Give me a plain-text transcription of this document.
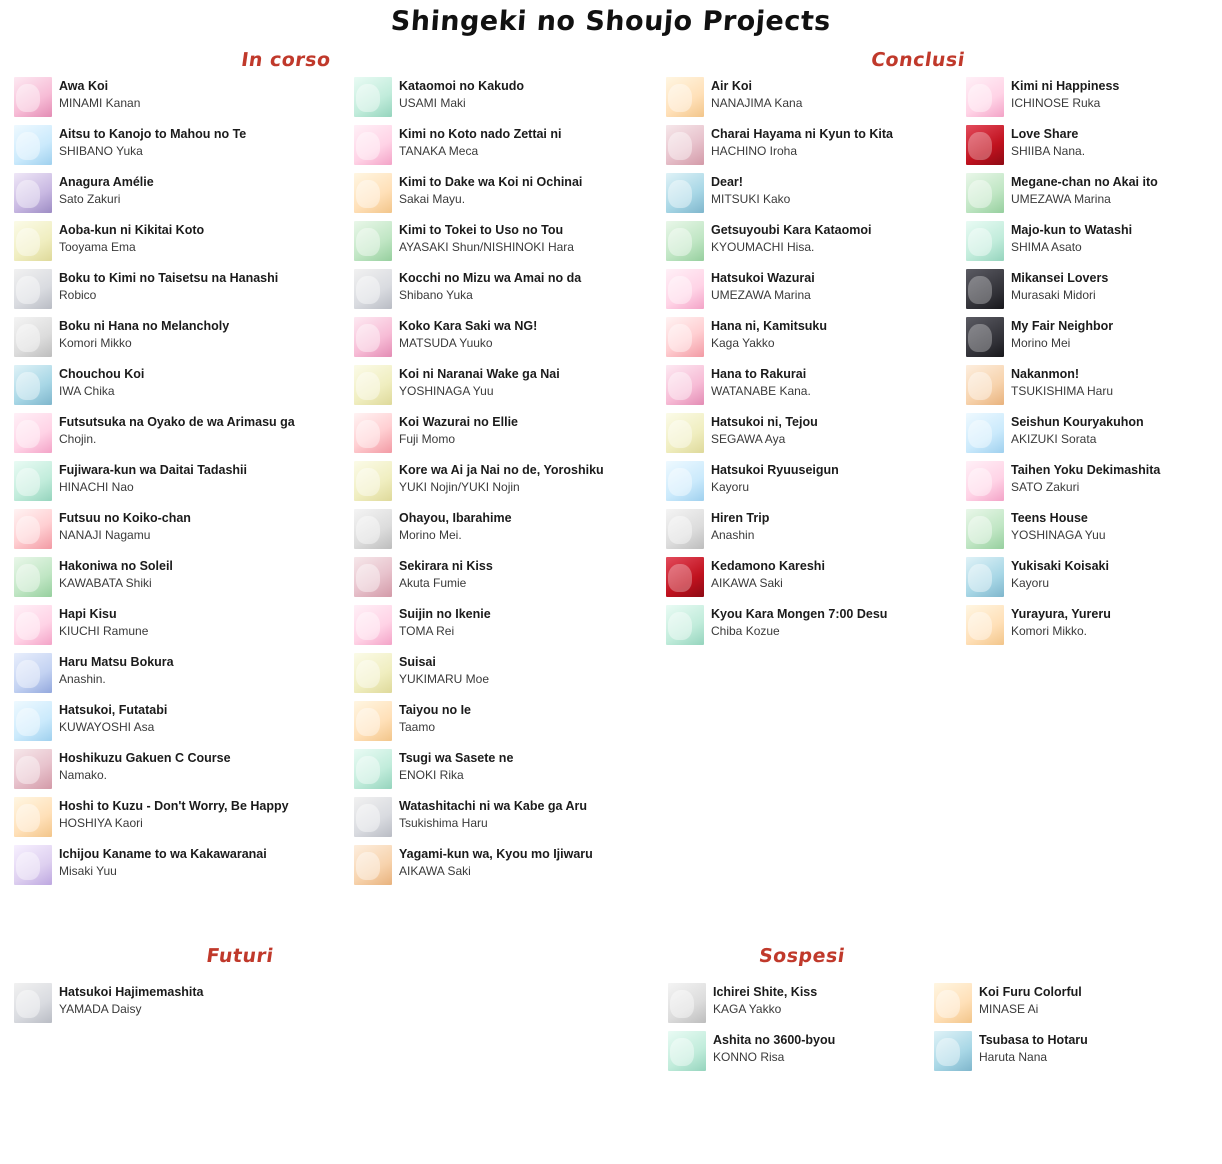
Shingeki no Shoujo Projects
In corso	Conclusi
Awa Koi
MINAMI Kanan
Aitsu to Kanojo to Mahou no Te
SHIBANO Yuka
Anagura Amélie
Sato Zakuri
Aoba-kun ni Kikitai Koto
Tooyama Ema
Boku to Kimi no Taisetsu na Hanashi
Robico
Boku ni Hana no Melancholy
Komori Mikko
Chouchou Koi
IWA Chika
Futsutsuka na Oyako de wa Arimasu ga
Chojin.
Fujiwara-kun wa Daitai Tadashii
HINACHI Nao
Futsuu no Koiko-chan
NANAJI Nagamu
Hakoniwa no Soleil
KAWABATA Shiki
Hapi Kisu
KIUCHI Ramune
Haru Matsu Bokura
Anashin.
Hatsukoi, Futatabi
KUWAYOSHI Asa
Hoshikuzu Gakuen C Course
Namako.
Hoshi to Kuzu - Don't Worry, Be Happy
HOSHIYA Kaori
Ichijou Kaname to wa Kakawaranai
Misaki Yuu
Kataomoi no Kakudo
USAMI Maki
Kimi no Koto nado Zettai ni
TANAKA Meca
Kimi to Dake wa Koi ni Ochinai
Sakai Mayu.
Kimi to Tokei to Uso no Tou
AYASAKI Shun/NISHINOKI Hara
Kocchi no Mizu wa Amai no da
Shibano Yuka
Koko Kara Saki wa NG!
MATSUDA Yuuko
Koi ni Naranai Wake ga Nai
YOSHINAGA Yuu
Koi Wazurai no Ellie
Fuji Momo
Kore wa Ai ja Nai no de, Yoroshiku
YUKI Nojin/YUKI Nojin
Ohayou, Ibarahime
Morino Mei.
Sekirara ni Kiss
Akuta Fumie
Suijin no Ikenie
TOMA Rei
Suisai
YUKIMARU Moe
Taiyou no Ie
Taamo
Tsugi wa Sasete ne
ENOKI Rika
Watashitachi ni wa Kabe ga Aru
Tsukishima Haru
Yagami-kun wa, Kyou mo Ijiwaru
AIKAWA Saki
Air Koi
NANAJIMA Kana
Charai Hayama ni Kyun to Kita
HACHINO Iroha
Dear!
MITSUKI Kako
Getsuyoubi Kara Kataomoi
KYOUMACHI Hisa.
Hatsukoi Wazurai
UMEZAWA Marina
Hana ni, Kamitsuku
Kaga Yakko
Hana to Rakurai
WATANABE Kana.
Hatsukoi ni, Tejou
SEGAWA Aya
Hatsukoi Ryuuseigun
Kayoru
Hiren Trip
Anashin
Kedamono Kareshi
AIKAWA Saki
Kyou Kara Mongen 7:00 Desu
Chiba Kozue
Kimi ni Happiness
ICHINOSE Ruka
Love Share
SHIIBA Nana.
Megane-chan no Akai ito
UMEZAWA Marina
Majo-kun to Watashi
SHIMA Asato
Mikansei Lovers
Murasaki Midori
My Fair Neighbor
Morino Mei
Nakanmon!
TSUKISHIMA Haru
Seishun Kouryakuhon
AKIZUKI Sorata
Taihen Yoku Dekimashita
SATO Zakuri
Teens House
YOSHINAGA Yuu
Yukisaki Koisaki
Kayoru
Yurayura, Yureru
Komori Mikko.
Futuri	Sospesi
Hatsukoi Hajimemashita
YAMADA Daisy
Ichirei Shite, Kiss
KAGA Yakko
Ashita no 3600-byou
KONNO Risa
Koi Furu Colorful
MINASE Ai
Tsubasa to Hotaru
Haruta Nana
